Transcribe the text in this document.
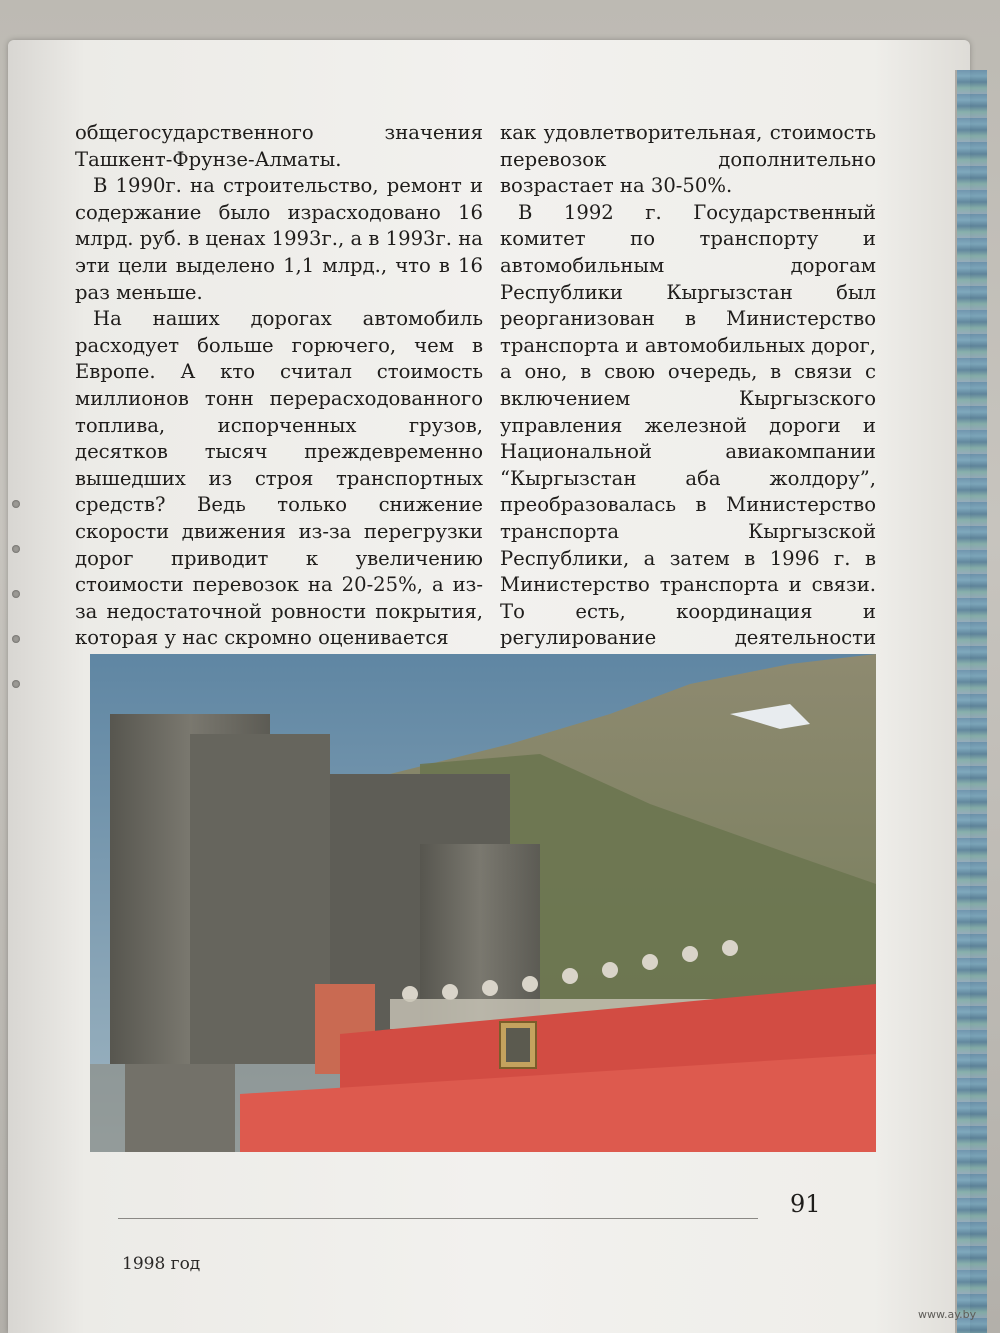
общегосударственного значения Ташкент-Фрунзе-Алматы.

В 1990г. на строительство, ремонт и содержание было израсходовано 16 млрд. руб. в ценах 1993г., а в 1993г. на эти цели выделено 1,1 млрд., что в 16 раз меньше.

На наших дорогах автомобиль расходует больше горючего, чем в Европе. А кто считал стоимость миллионов тонн перерасходованного топлива, испорченных грузов, десятков тысяч преждевременно вышедших из строя транспортных средств? Ведь только снижение скорости движения из-за перегрузки дорог приводит к увеличению стоимости перевозок на 20-25%, а из-за недостаточной ровности покрытия, которая у нас скромно оценивается

как удовлетворительная, стоимость перевозок дополнительно возрастает на 30-50%.

В 1992 г. Государственный комитет по транспорту и автомобильным дорогам Республики Кыргызстан был реорганизован в Министерство транспорта и автомобильных дорог, а оно, в свою очередь, в связи с включением Кыргызского управления железной дороги и Национальной авиакомпании “Кыргызстан аба жолдору”, преобразовалась в Министерство транспорта Кыргызской Республики, а затем в 1996 г. в Министерство транспорта и связи. То есть, координация и регулирование деятельности

91
1998 год
www.ay.by
